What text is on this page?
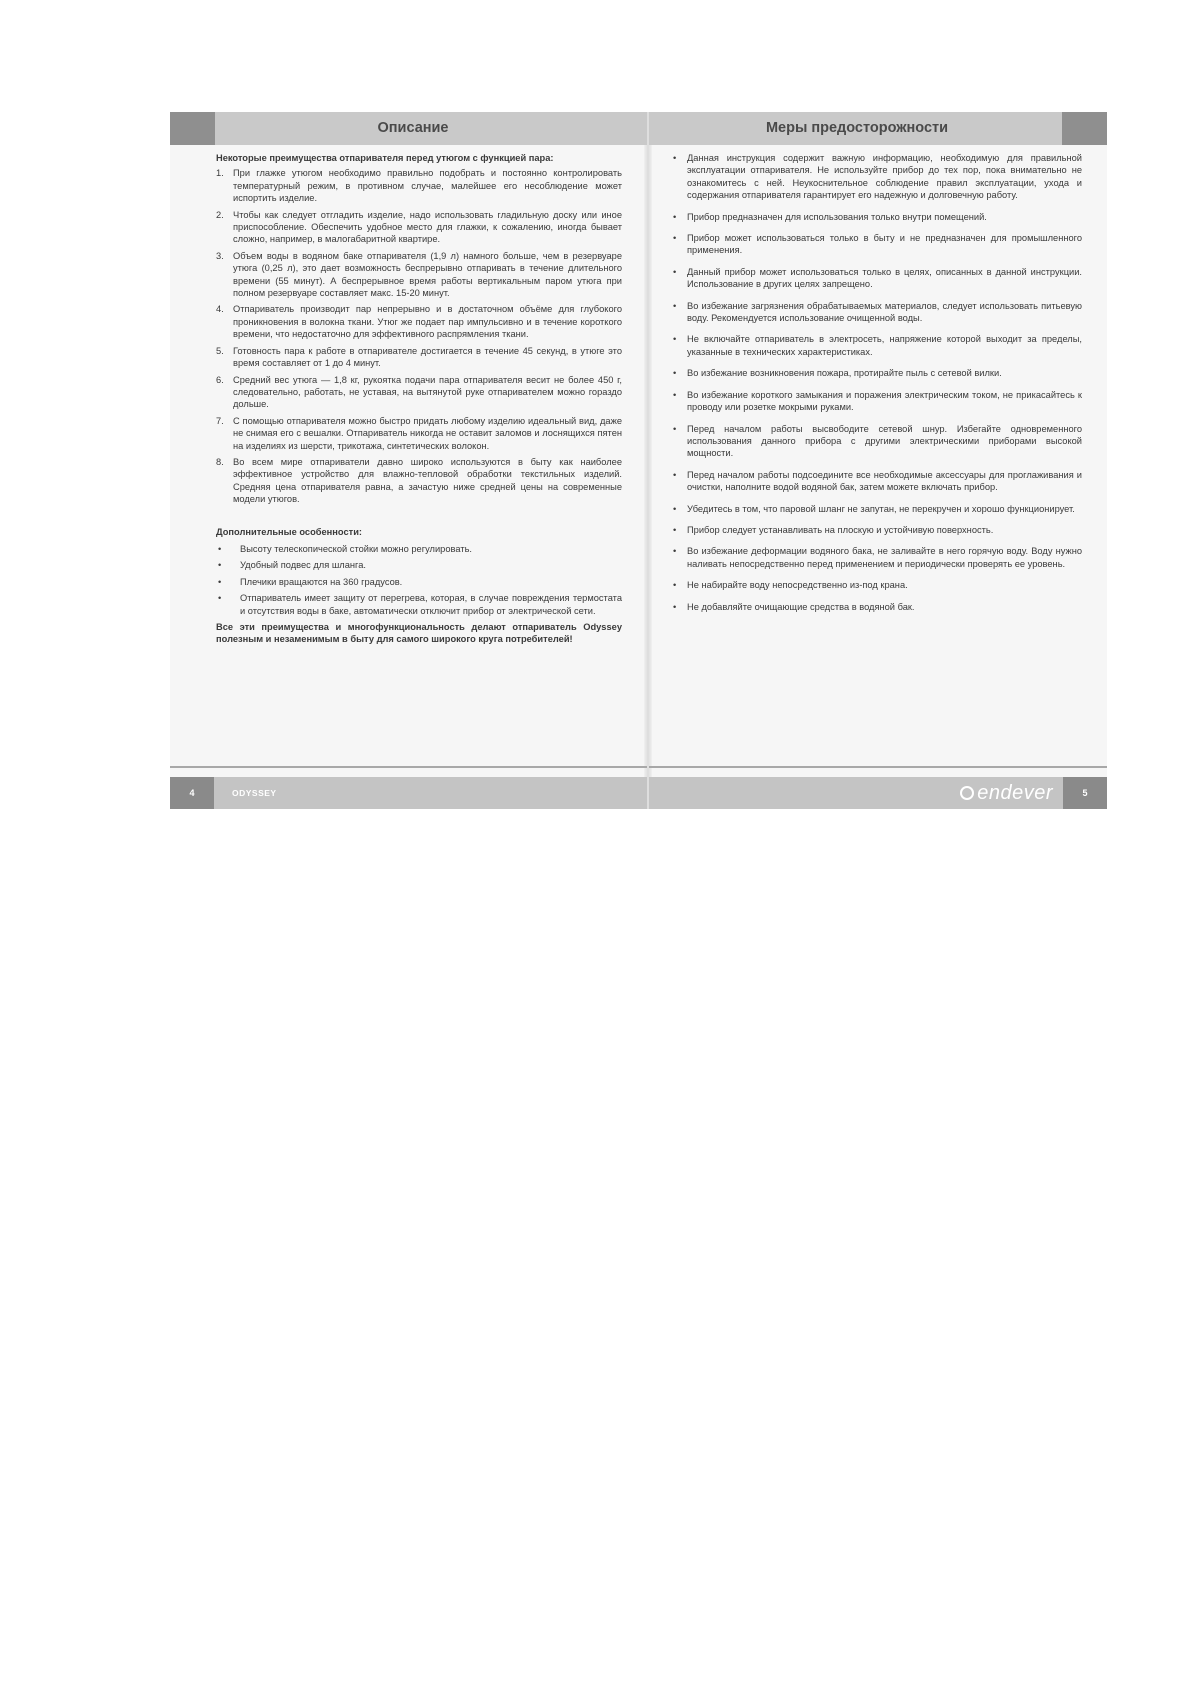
Описание
Некоторые преимущества отпаривателя перед утюгом с функцией пара:
1. При глажке утюгом необходимо правильно подобрать и постоянно контролировать температурный режим, в противном случае, малейшее его несоблюдение может испортить изделие.
2. Чтобы как следует отгладить изделие, надо использовать гладильную доску или иное приспособление. Обеспечить удобное место для глажки, к сожалению, иногда бывает сложно, например, в малогабаритной квартире.
3. Объем воды в водяном баке отпаривателя (1,9 л) намного больше, чем в резервуаре утюга (0,25 л), это дает возможность беспрерывно отпаривать в течение длительного времени (55 минут). А беспрерывное время работы вертикальным паром утюга при полном резервуаре составляет макс. 15-20 минут.
4. Отпариватель производит пар непрерывно и в достаточном объёме для глубокого проникновения в волокна ткани. Утюг же подает пар импульсивно и в течение короткого времени, что недостаточно для эффективного распрямления ткани.
5. Готовность пара к работе в отпаривателе достигается в течение 45 секунд, в утюге это время составляет от 1 до 4 минут.
6. Средний вес утюга — 1,8 кг, рукоятка подачи пара отпаривателя весит не более 450 г, следовательно, работать, не уставая, на вытянутой руке отпаривателем можно гораздо дольше.
7. С помощью отпаривателя можно быстро придать любому изделию идеальный вид, даже не снимая его с вешалки. Отпариватель никогда не оставит заломов и лоснящихся пятен на изделиях из шерсти, трикотажа, синтетических волокон.
8. Во всем мире отпариватели давно широко используются в быту как наиболее эффективное устройство для влажно-тепловой обработки текстильных изделий. Средняя цена отпаривателя равна, а зачастую ниже средней цены на современные модели утюгов.
Дополнительные особенности:
• Высоту телескопической стойки можно регулировать.
• Удобный подвес для шланга.
• Плечики вращаются на 360 градусов.
• Отпариватель имеет защиту от перегрева, которая, в случае повреждения термостата и отсутствия воды в баке, автоматически отключит прибор от электрической сети.
Все эти преимущества и многофункциональность делают отпариватель Odyssey полезным и незаменимым в быту для самого широкого круга потребителей!
4	ODYSSEY
Меры предосторожности
• Данная инструкция содержит важную информацию, необходимую для правильной эксплуатации отпаривателя. Не используйте прибор до тех пор, пока внимательно не ознакомитесь с ней. Неукоснительное соблюдение правил эксплуатации, ухода и содержания отпаривателя гарантирует его надежную и долговечную работу.
• Прибор предназначен для использования только внутри помещений.
• Прибор может использоваться только в быту и не предназначен для промышленного применения.
• Данный прибор может использоваться только в целях, описанных в данной инструкции. Использование в других целях запрещено.
• Во избежание загрязнения обрабатываемых материалов, следует использовать питьевую воду. Рекомендуется использование очищенной воды.
• Не включайте отпариватель в электросеть, напряжение которой выходит за пределы, указанные в технических характеристиках.
• Во избежание возникновения пожара, протирайте пыль с сетевой вилки.
• Во избежание короткого замыкания и поражения электрическим током, не прикасайтесь к проводу или розетке мокрыми руками.
• Перед началом работы высвободите сетевой шнур. Избегайте одновременного использования данного прибора с другими электрическими приборами высокой мощности.
• Перед началом работы подсоедините все необходимые аксессуары для проглаживания и очистки, наполните водой водяной бак, затем можете включать прибор.
• Убедитесь в том, что паровой шланг не запутан, не перекручен и хорошо функционирует.
• Прибор следует устанавливать на плоскую и устойчивую поверхность.
• Во избежание деформации водяного бака, не заливайте в него горячую воду. Воду нужно наливать непосредственно перед применением и периодически проверять ее уровень.
• Не набирайте воду непосредственно из-под крана.
• Не добавляйте очищающие средства в водяной бак.
endever	5
